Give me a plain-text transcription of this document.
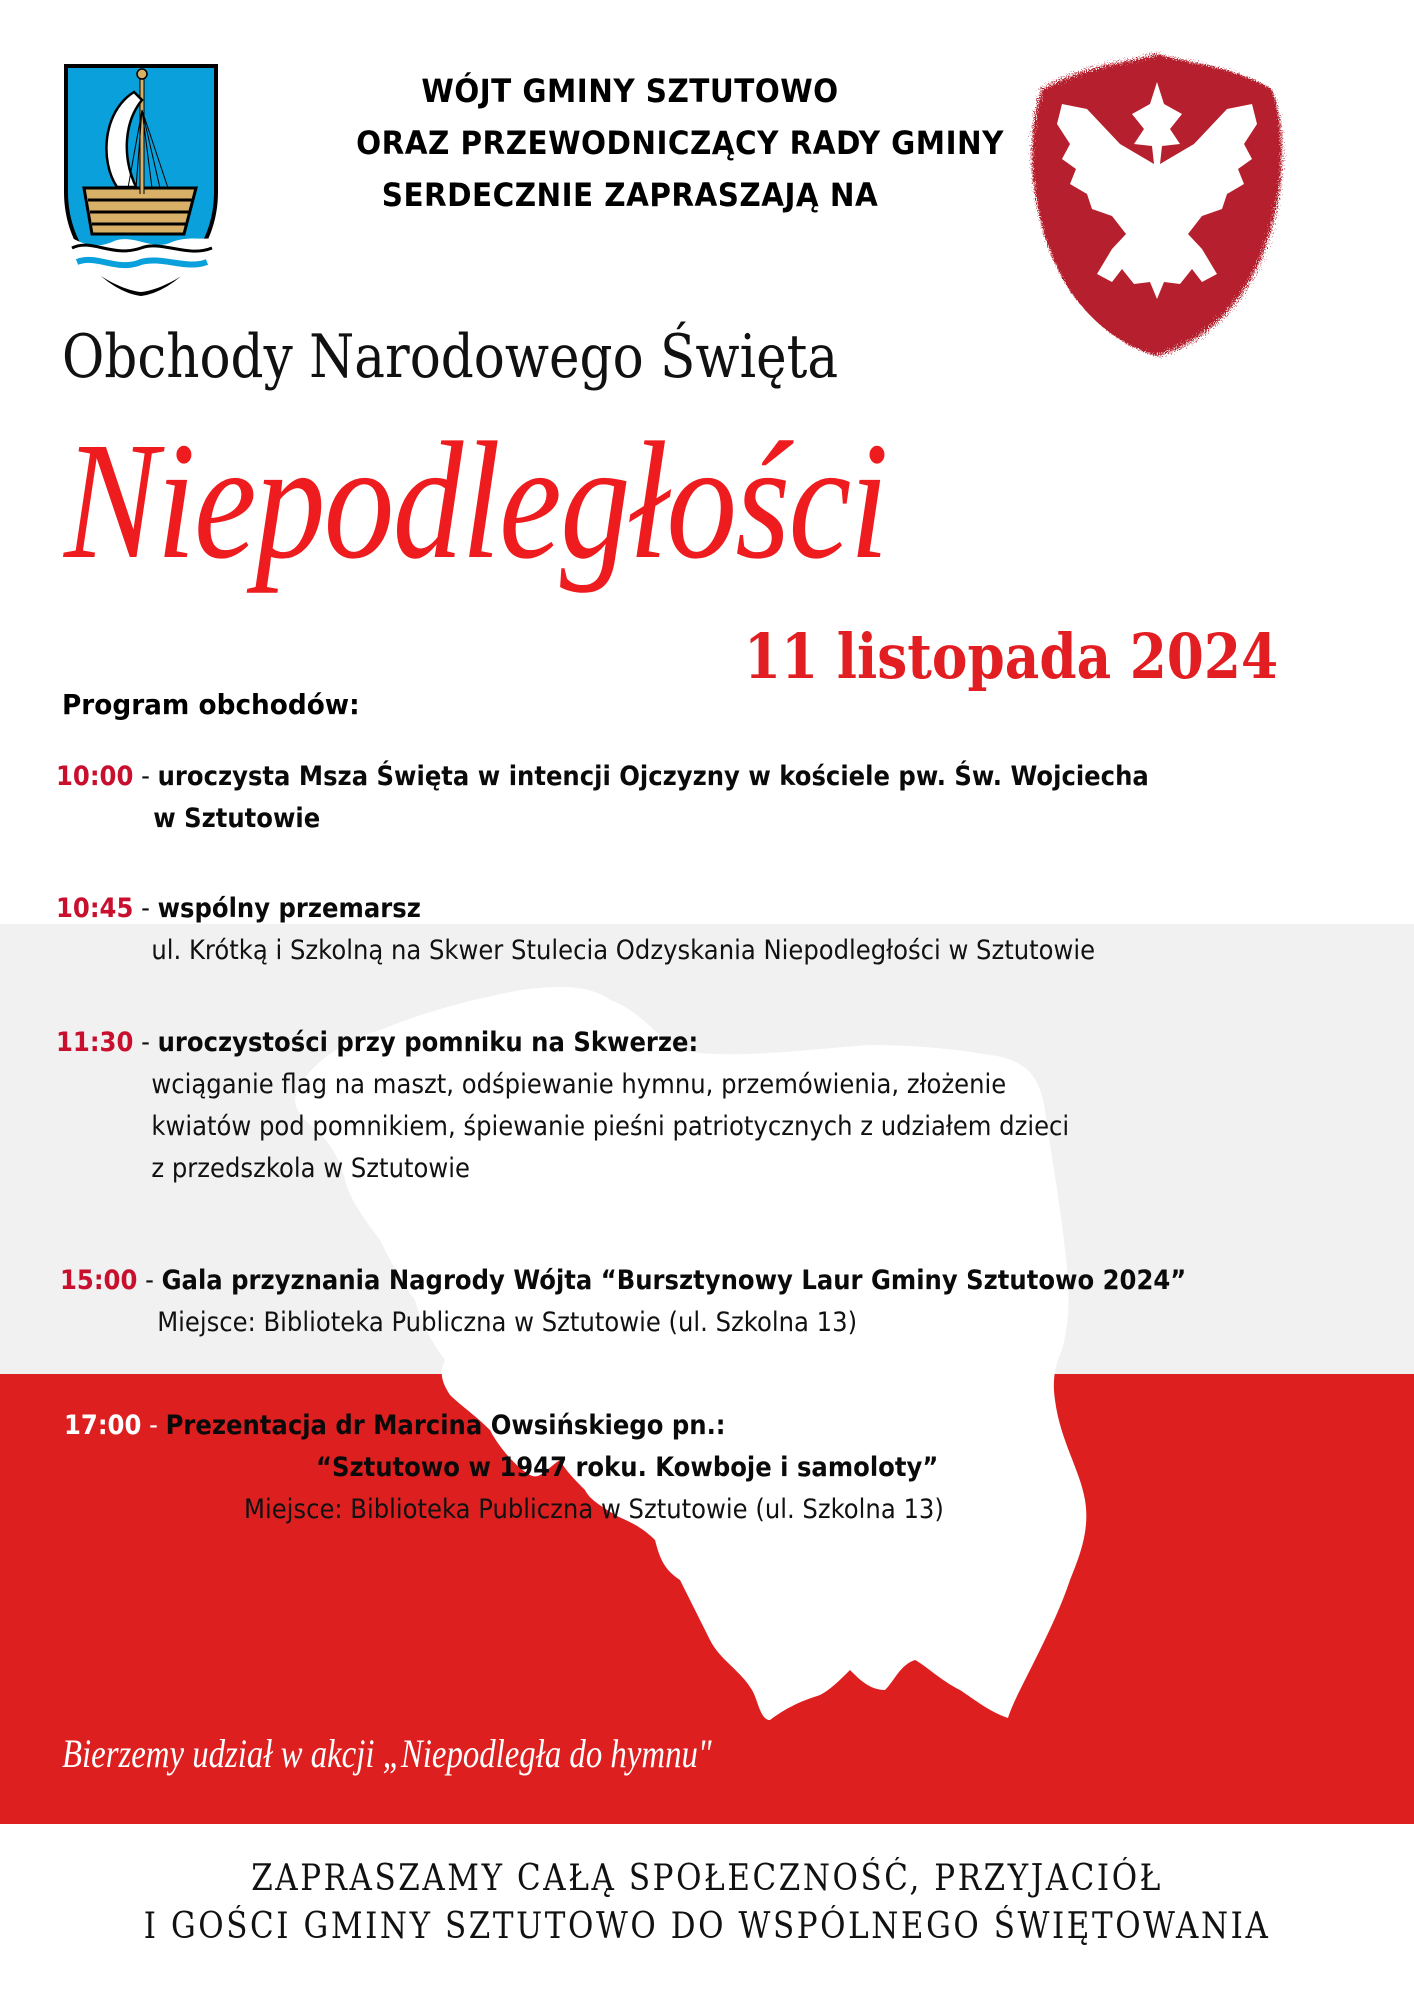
WÓJT GMINY SZTUTOWO
ORAZ PRZEWODNICZĄCY RADY GMINY
SERDECZNIE ZAPRASZAJĄ NA
Obchody Narodowego Święta
Niepodległości
11 listopada 2024
Program obchodów:
10:00 - uroczysta Msza Święta w intencji Ojczyzny w kościele pw. Św. Wojciecha
w Sztutowie
10:45 - wspólny przemarsz
ul. Krótką i Szkolną na Skwer Stulecia Odzyskania Niepodległości w Sztutowie
11:30 - uroczystości przy pomniku na Skwerze:
wciąganie flag na maszt, odśpiewanie hymnu, przemówienia, złożenie
kwiatów pod pomnikiem, śpiewanie pieśni patriotycznych z udziałem dzieci
z przedszkola w Sztutowie
15:00 - Gala przyznania Nagrody Wójta “Bursztynowy Laur Gminy Sztutowo 2024”
Miejsce: Biblioteka Publiczna w Sztutowie (ul. Szkolna 13)
17:00 - Prezentacja dr Marcina Owsińskiego pn.:
“Sztutowo w 1947 roku. Kowboje i samoloty”
Miejsce: Biblioteka Publiczna w Sztutowie (ul. Szkolna 13)
Bierzemy udział w akcji „Niepodległa do hymnu"
ZAPRASZAMY CAŁĄ SPOŁECZNOŚĆ, PRZYJACIÓŁ
I GOŚCI GMINY SZTUTOWO DO WSPÓLNEGO ŚWIĘTOWANIA
